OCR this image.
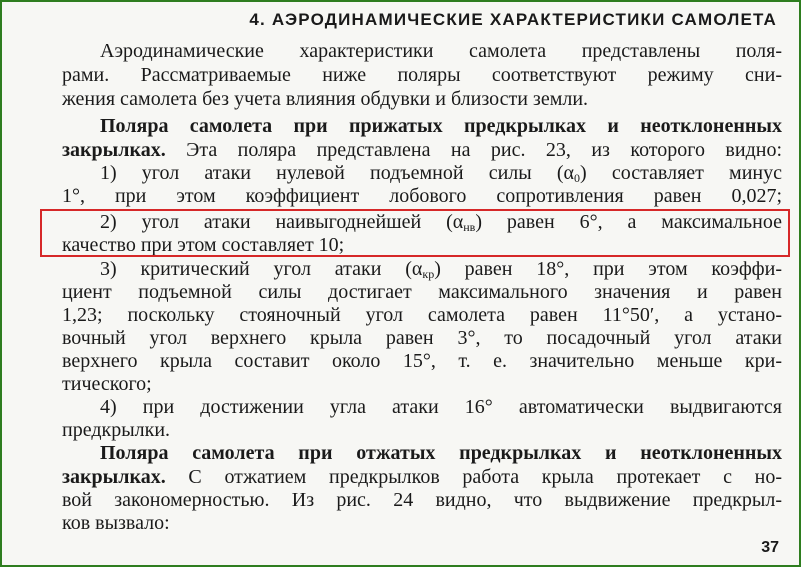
4. АЭРОДИНАМИЧЕСКИЕ ХАРАКТЕРИСТИКИ САМОЛЕТА
Аэродинамические характеристики самолета представлены поля-
рами. Рассматриваемые ниже поляры соответствуют режиму сни-
жения самолета без учета влияния обдувки и близости земли.
Поляра самолета при прижатых предкрылках и неотклоненных
закрылках. Эта поляра представлена на рис. 23, из которого видно:
1) угол атаки нулевой подъемной силы $(\alpha_0)$ составляет минус
1°, при этом коэффициент лобового сопротивления равен 0,027;
2) угол атаки наивыгоднейшей $(\alpha_{нв})$ равен 6°, а максимальное
качество при этом составляет 10;
3) критический угол атаки $(\alpha_{кр})$ равен 18°, при этом коэффи-
циент подъемной силы достигает максимального значения и равен
1,23; поскольку стояночный угол самолета равен 11°50′, а устано-
вочный угол верхнего крыла равен 3°, то посадочный угол атаки
верхнего крыла составит около 15°, т. е. значительно меньше кри-
тического;
4) при достижении угла атаки 16° автоматически выдвигаются
предкрылки.
Поляра самолета при отжатых предкрылках и неотклоненных
закрылках. С отжатием предкрылков работа крыла протекает с но-
вой закономерностью. Из рис. 24 видно, что выдвижение предкрыл-
ков вызвало:
37
